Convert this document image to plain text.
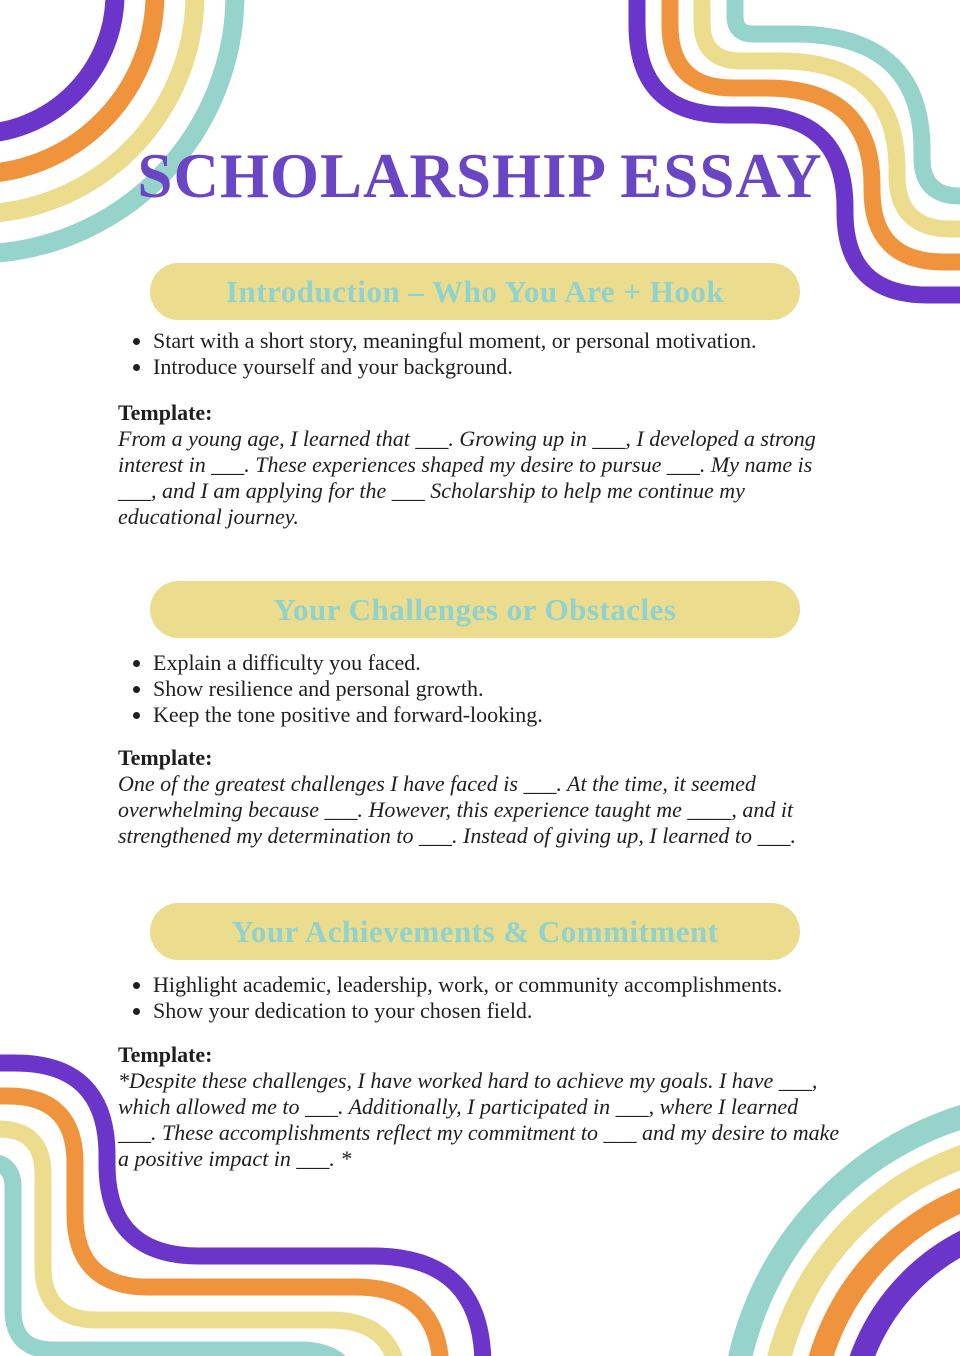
SCHOLARSHIP ESSAY
Introduction – Who You Are + Hook
Start with a short story, meaningful moment, or personal motivation.
Introduce yourself and your background.
Template:
From a young age, I learned that ___. Growing up in ___, I developed a strong interest in ___. These experiences shaped my desire to pursue ___. My name is ___, and I am applying for the ___ Scholarship to help me continue my educational journey.
Your Challenges or Obstacles
Explain a difficulty you faced.
Show resilience and personal growth.
Keep the tone positive and forward-looking.
Template:
One of the greatest challenges I have faced is ___. At the time, it seemed overwhelming because ___. However, this experience taught me ____, and it strengthened my determination to ___. Instead of giving up, I learned to ___.
Your Achievements & Commitment
Highlight academic, leadership, work, or community accomplishments.
Show your dedication to your chosen field.
Template:
*Despite these challenges, I have worked hard to achieve my goals. I have ___, which allowed me to ___. Additionally, I participated in ___, where I learned ___. These accomplishments reflect my commitment to ___ and my desire to make a positive impact in ___. *
